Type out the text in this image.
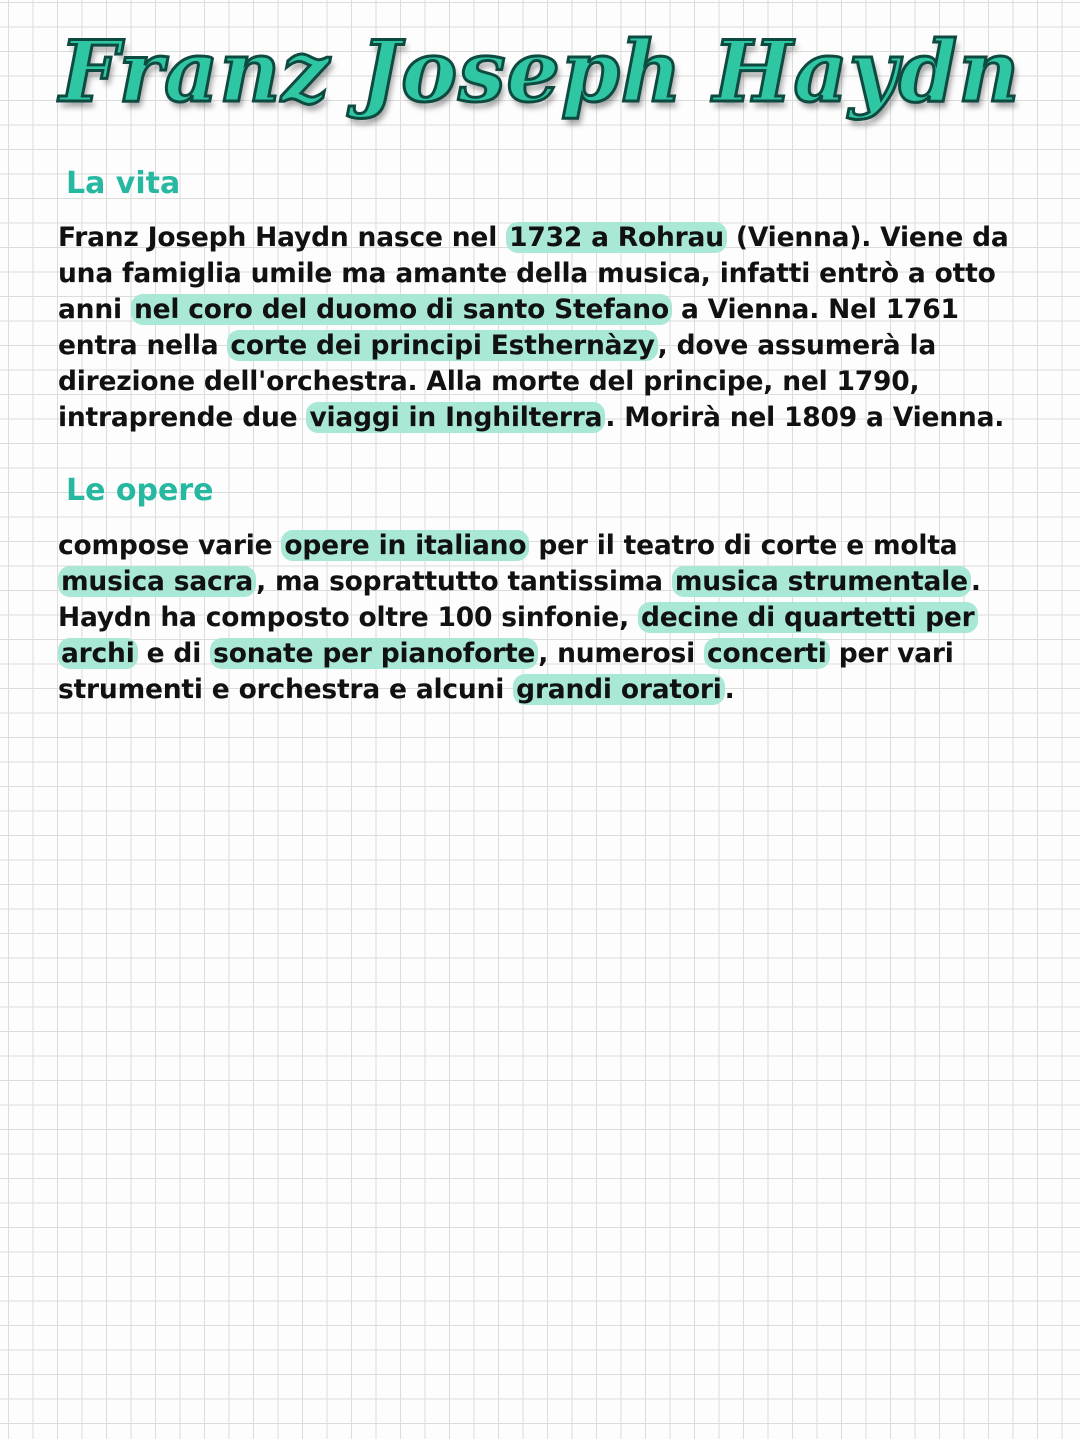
Franz Joseph Haydn
La vita

Franz Joseph Haydn nasce nel 1732 a Rohrau (Vienna). Viene da una famiglia umile ma amante della musica, infatti entrò a otto anni nel coro del duomo di santo Stefano a Vienna. Nel 1761 entra nella corte dei principi Esthernàzy , dove assumerà la direzione dell'orchestra. Alla morte del principe, nel 1790, intraprende due viaggi in Inghilterra . Morirà nel 1809 a Vienna.

Le opere

compose varie opere in italiano per il teatro di corte e molta musica sacra , ma soprattutto tantissima musica strumentale . Haydn ha composto oltre 100 sinfonie, decine di quartetti per archi e di sonate per pianoforte , numerosi concerti per vari strumenti e orchestra e alcuni grandi oratori .
